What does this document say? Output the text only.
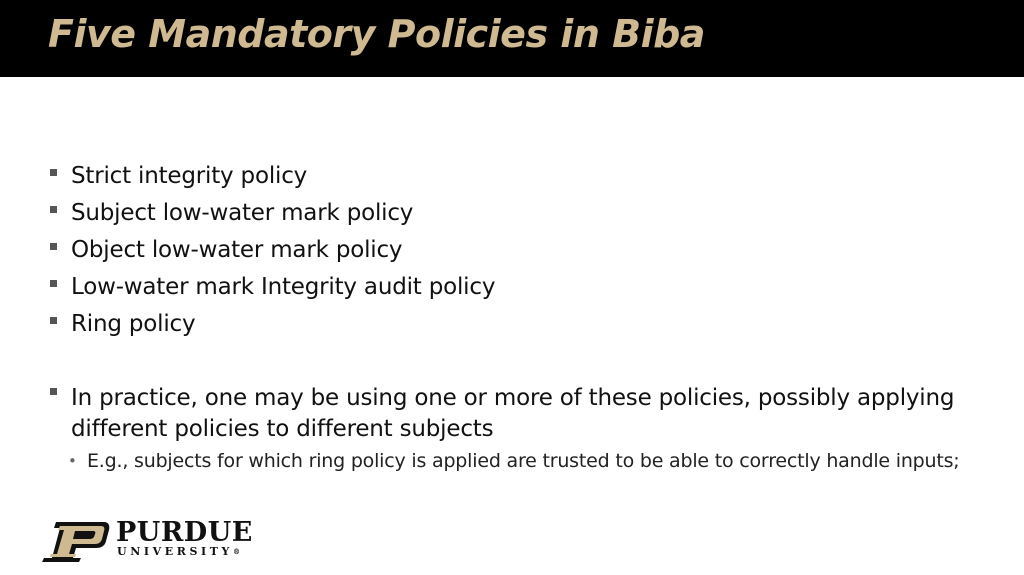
Five Mandatory Policies in Biba
Strict integrity policy
Subject low-water mark policy
Object low-water mark policy
Low-water mark Integrity audit policy
Ring policy
In practice, one may be using one or more of these policies, possibly applying different policies to different subjects
• E.g., subjects for which ring policy is applied are trusted to be able to correctly handle inputs;
PURDUE
UNIVERSITY®
